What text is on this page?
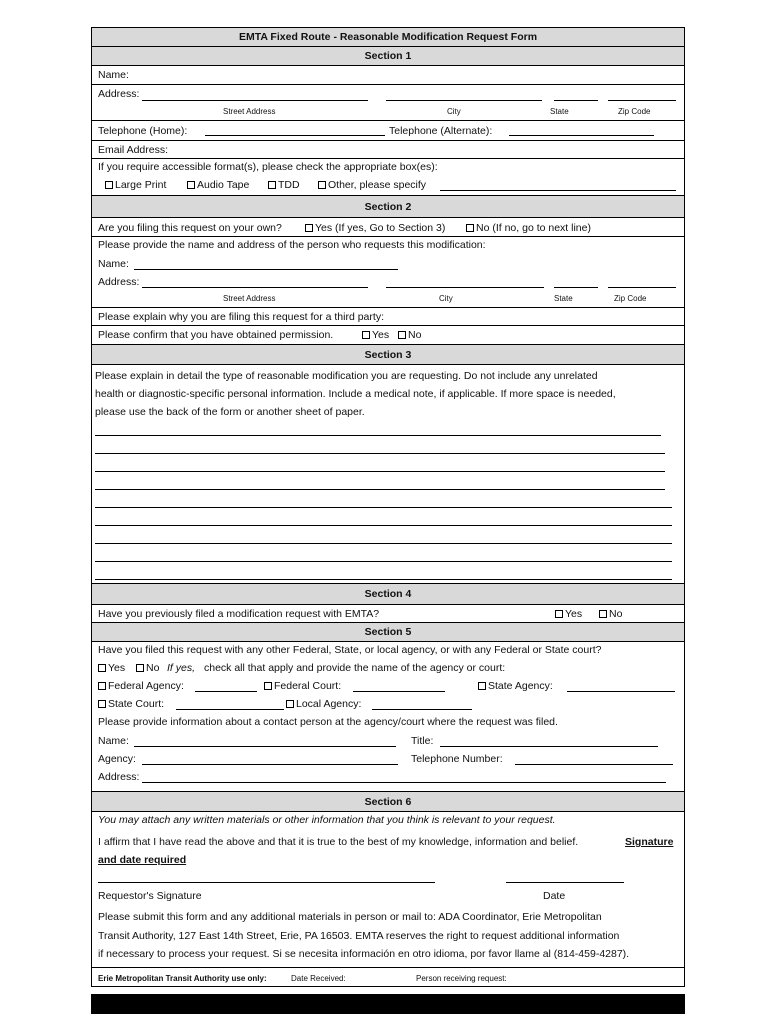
EMTA Fixed Route - Reasonable Modification Request Form
Section 1
Name:
Address:
Street Address	City	State	Zip Code
Telephone (Home):	Telephone (Alternate):
Email Address:
If you require accessible format(s), please check the appropriate box(es):
Large Print	Audio Tape	TDD	Other, please specify
Section 2
Are you filing this request on your own?	Yes (If yes, Go to Section 3)	No (If no, go to next line)
Please provide the name and address of the person who requests this modification:
Name:
Address:
Street Address	City	State	Zip Code
Please explain why you are filing this request for a third party:
Please confirm that you have obtained permission.	Yes	No
Section 3
Please explain in detail the type of reasonable modification you are requesting. Do not include any unrelated
health or diagnostic-specific personal information. Include a medical note, if applicable. If more space is needed,
please use the back of the form or another sheet of paper.
Section 4
Have you previously filed a modification request with EMTA?	Yes	No
Section 5
Have you filed this request with any other Federal, State, or local agency, or with any Federal or State court?
Yes	No If yes, check all that apply and provide the name of the agency or court:
Federal Agency:	Federal Court:	State Agency:
State Court:	Local Agency:
Please provide information about a contact person at the agency/court where the request was filed.
Name:	Title:
Agency:	Telephone Number:
Address:
Section 6
You may attach any written materials or other information that you think is relevant to your request.
I affirm that I have read the above and that it is true to the best of my knowledge, information and belief.	Signature
and date required
Requestor's Signature	Date
Please submit this form and any additional materials in person or mail to: ADA Coordinator, Erie Metropolitan
Transit Authority, 127 East 14th Street, Erie, PA 16503. EMTA reserves the right to request additional information
if necessary to process your request. Si se necesita información en otro idioma, por favor llame al (814-459-4287).
Erie Metropolitan Transit Authority use only:	Date Received:	Person receiving request:
